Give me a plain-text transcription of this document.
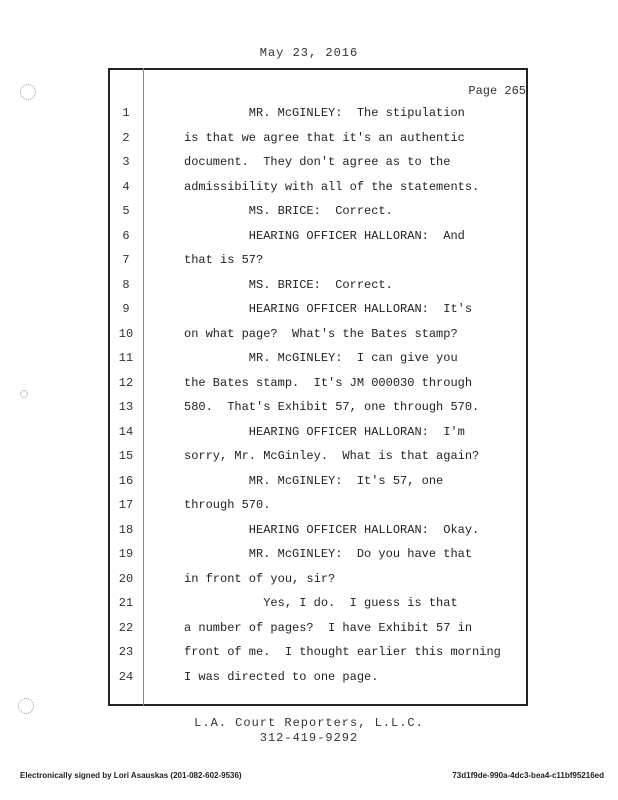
May 23, 2016
Page 265
1	MR. McGINLEY:  The stipulation
2	is that we agree that it's an authentic
3	document.  They don't agree as to the
4	admissibility with all of the statements.
5	MS. BRICE:  Correct.
6	HEARING OFFICER HALLORAN:  And
7	that is 57?
8	MS. BRICE:  Correct.
9	HEARING OFFICER HALLORAN:  It's
10	on what page?  What's the Bates stamp?
11	MR. McGINLEY:  I can give you
12	the Bates stamp.  It's JM 000030 through
13	580.  That's Exhibit 57, one through 570.
14	HEARING OFFICER HALLORAN:  I'm
15	sorry, Mr. McGinley.  What is that again?
16	MR. McGINLEY:  It's 57, one
17	through 570.
18	HEARING OFFICER HALLORAN:  Okay.
19	MR. McGINLEY:  Do you have that
20	in front of you, sir?
21	Yes, I do.  I guess is that
22	a number of pages?  I have Exhibit 57 in
23	front of me.  I thought earlier this morning
24	I was directed to one page.
L.A. Court Reporters, L.L.C.
312-419-9292
Electronically signed by Lori Asauskas (201-082-602-9536)	73d1f9de-990a-4dc3-bea4-c11bf95216ed
